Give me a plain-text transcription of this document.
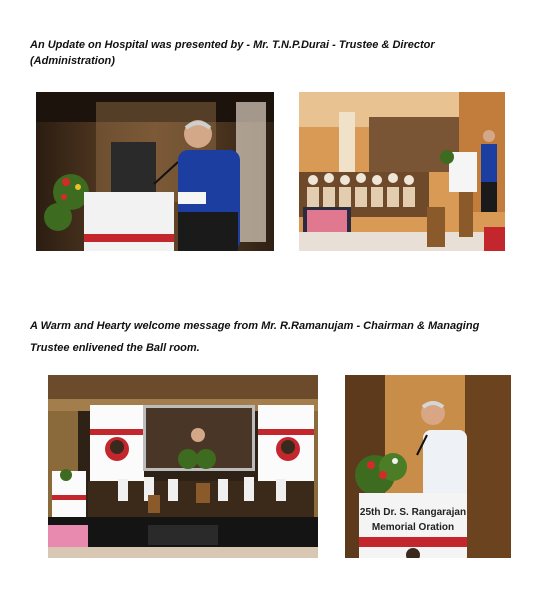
An Update on Hospital was presented by - Mr. T.N.P.Durai - Trustee & Director (Administration)

A Warm and Hearty welcome message from Mr. R.Ramanujam - Chairman & Managing Trustee enlivened the Ball room.

25th Dr. S. Rangarajan
Memorial Oration
